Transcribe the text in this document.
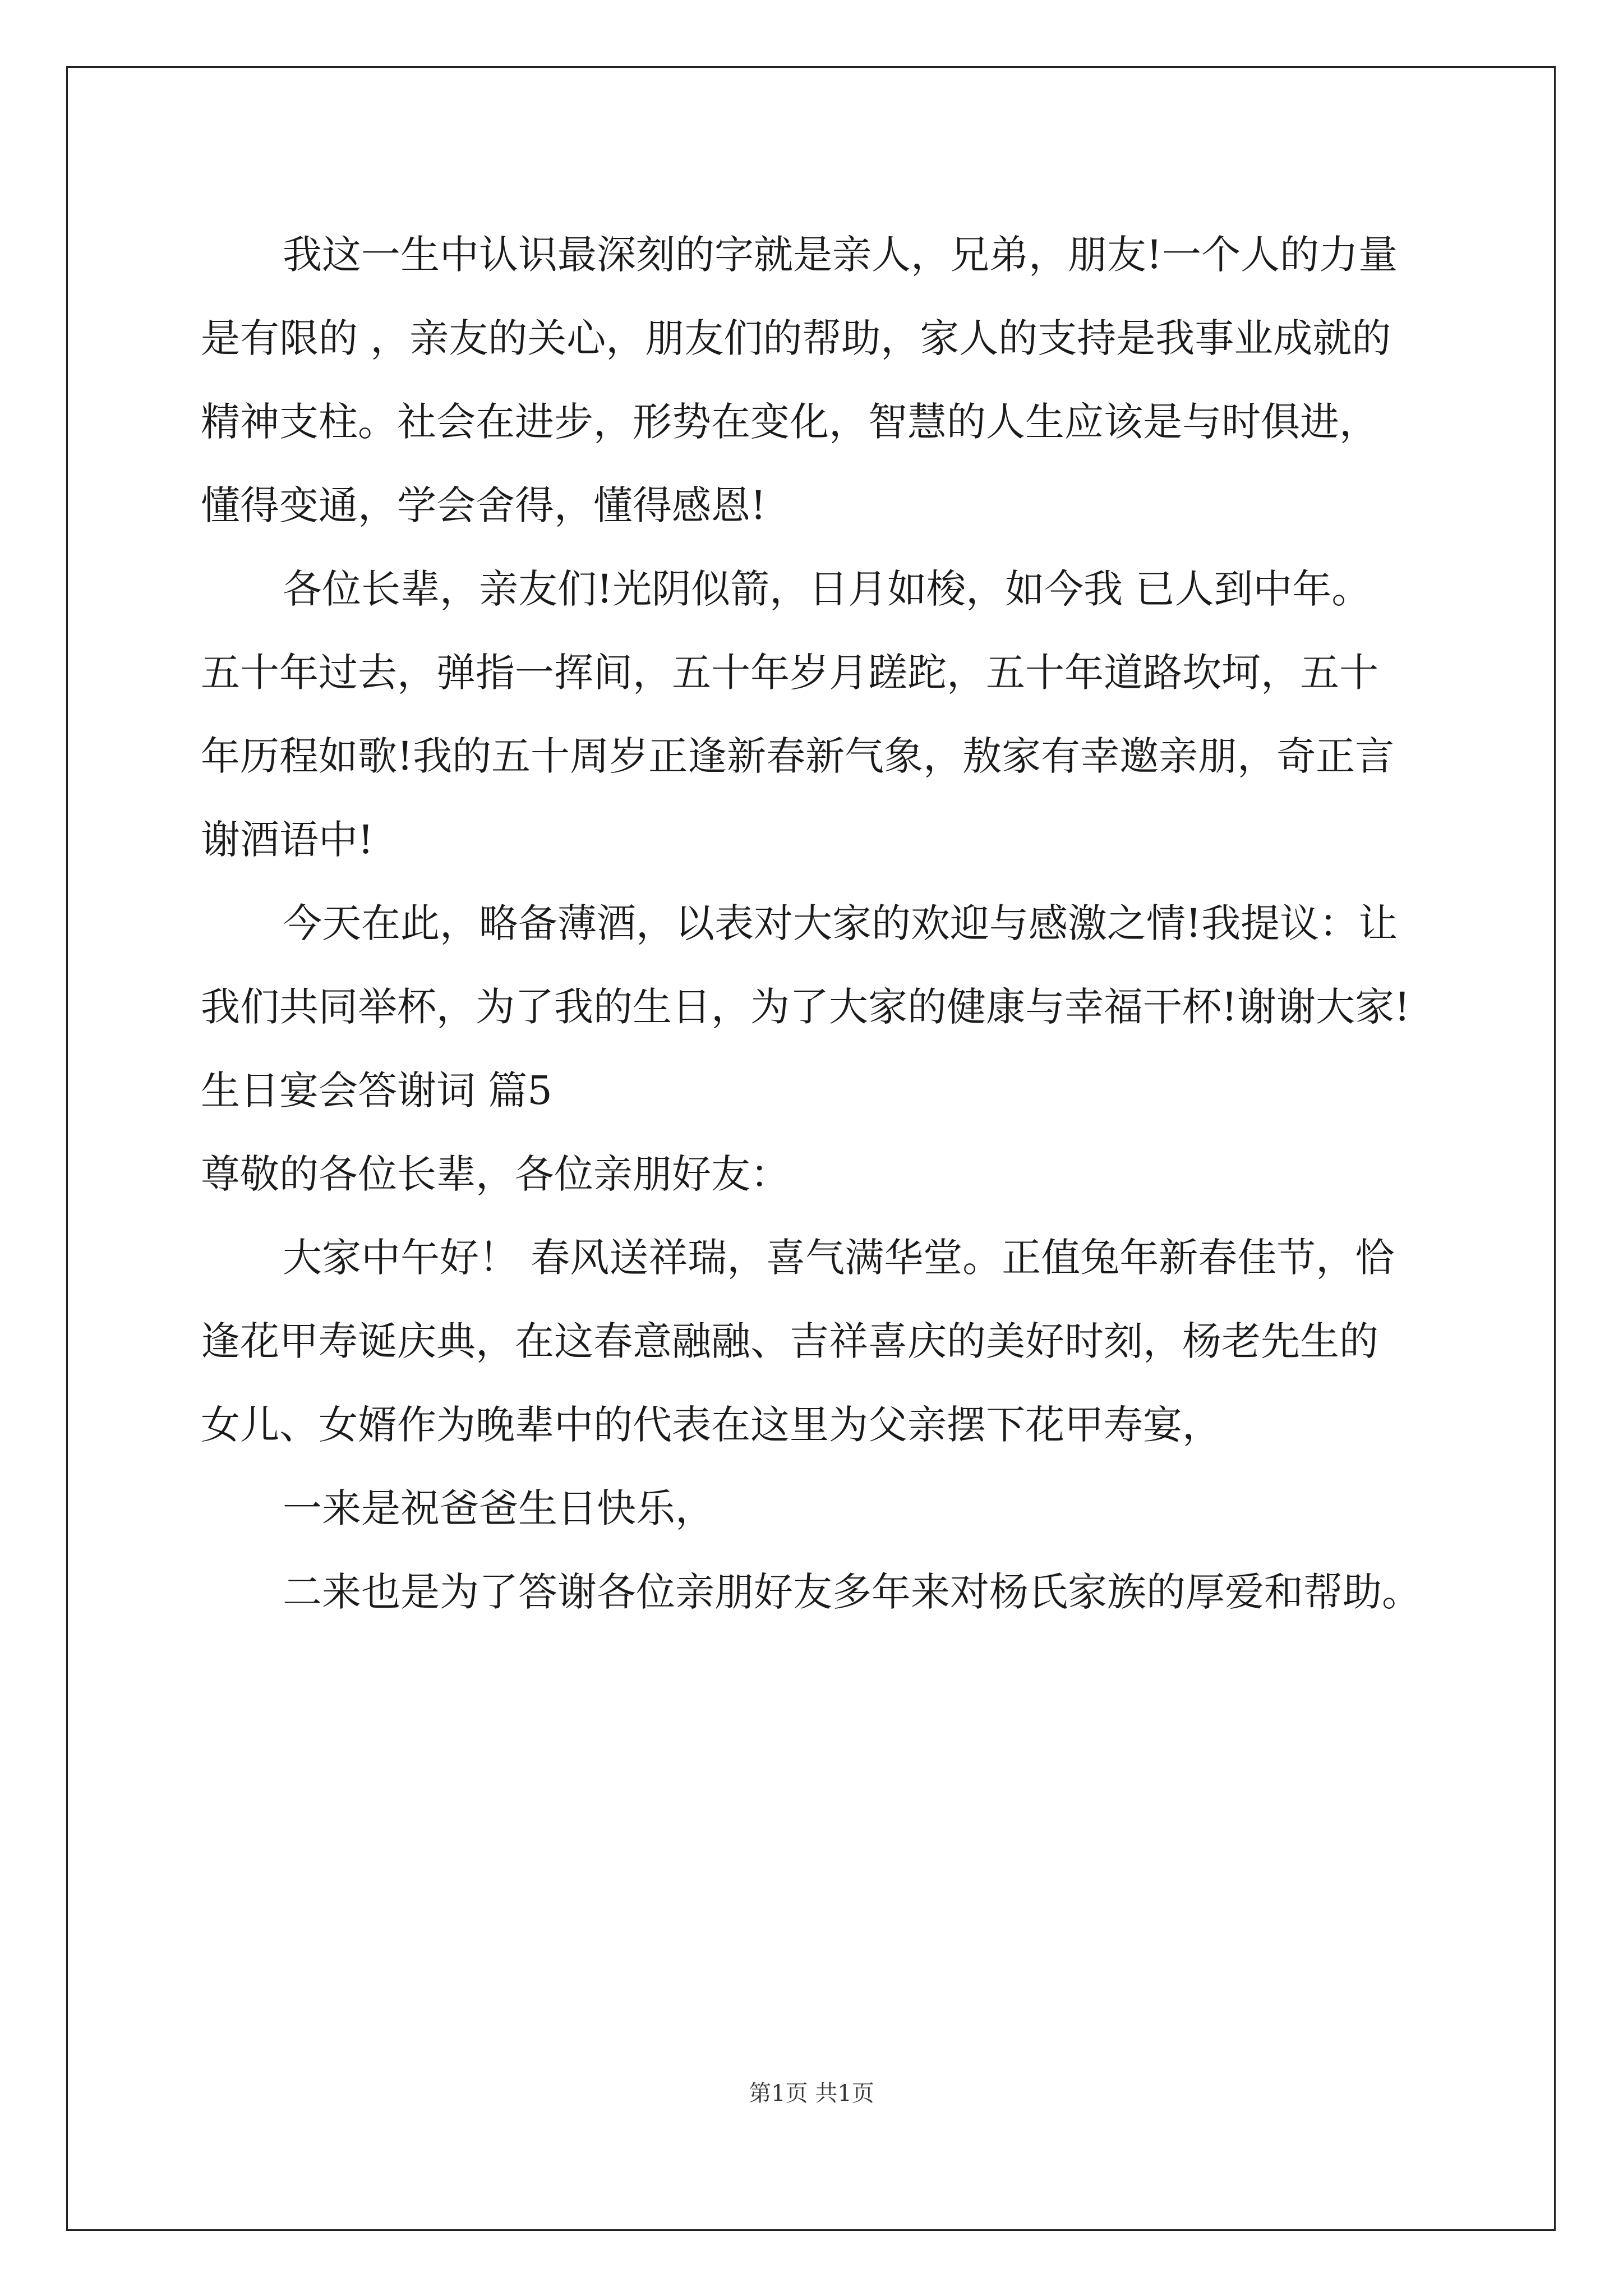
我这一生中认识最深刻的字就是亲人，兄弟，朋友!一个人的力量
是有限的 ，亲友的关心，朋友们的帮助，家人的支持是我事业成就的
精神支柱。社会在进步，形势在变化，智慧的人生应该是与时俱进，
懂得变通，学会舍得，懂得感恩!
各位长辈，亲友们!光阴似箭，日月如梭，如今我 已人到中年。
五十年过去，弹指一挥间，五十年岁月蹉跎，五十年道路坎坷，五十
年历程如歌!我的五十周岁正逢新春新气象，敖家有幸邀亲朋，奇正言
谢酒语中!
今天在此，略备薄酒，以表对大家的欢迎与感激之情!我提议：让
我们共同举杯，为了我的生日，为了大家的健康与幸福干杯!谢谢大家!
生日宴会答谢词 篇5
尊敬的各位长辈，各位亲朋好友：
大家中午好！ 春风送祥瑞，喜气满华堂。正值兔年新春佳节，恰
逢花甲寿诞庆典，在这春意融融、吉祥喜庆的美好时刻，杨老先生的
女儿、女婿作为晚辈中的代表在这里为父亲摆下花甲寿宴，
一来是祝爸爸生日快乐，
二来也是为了答谢各位亲朋好友多年来对杨氏家族的厚爱和帮助。
第1页 共1页
